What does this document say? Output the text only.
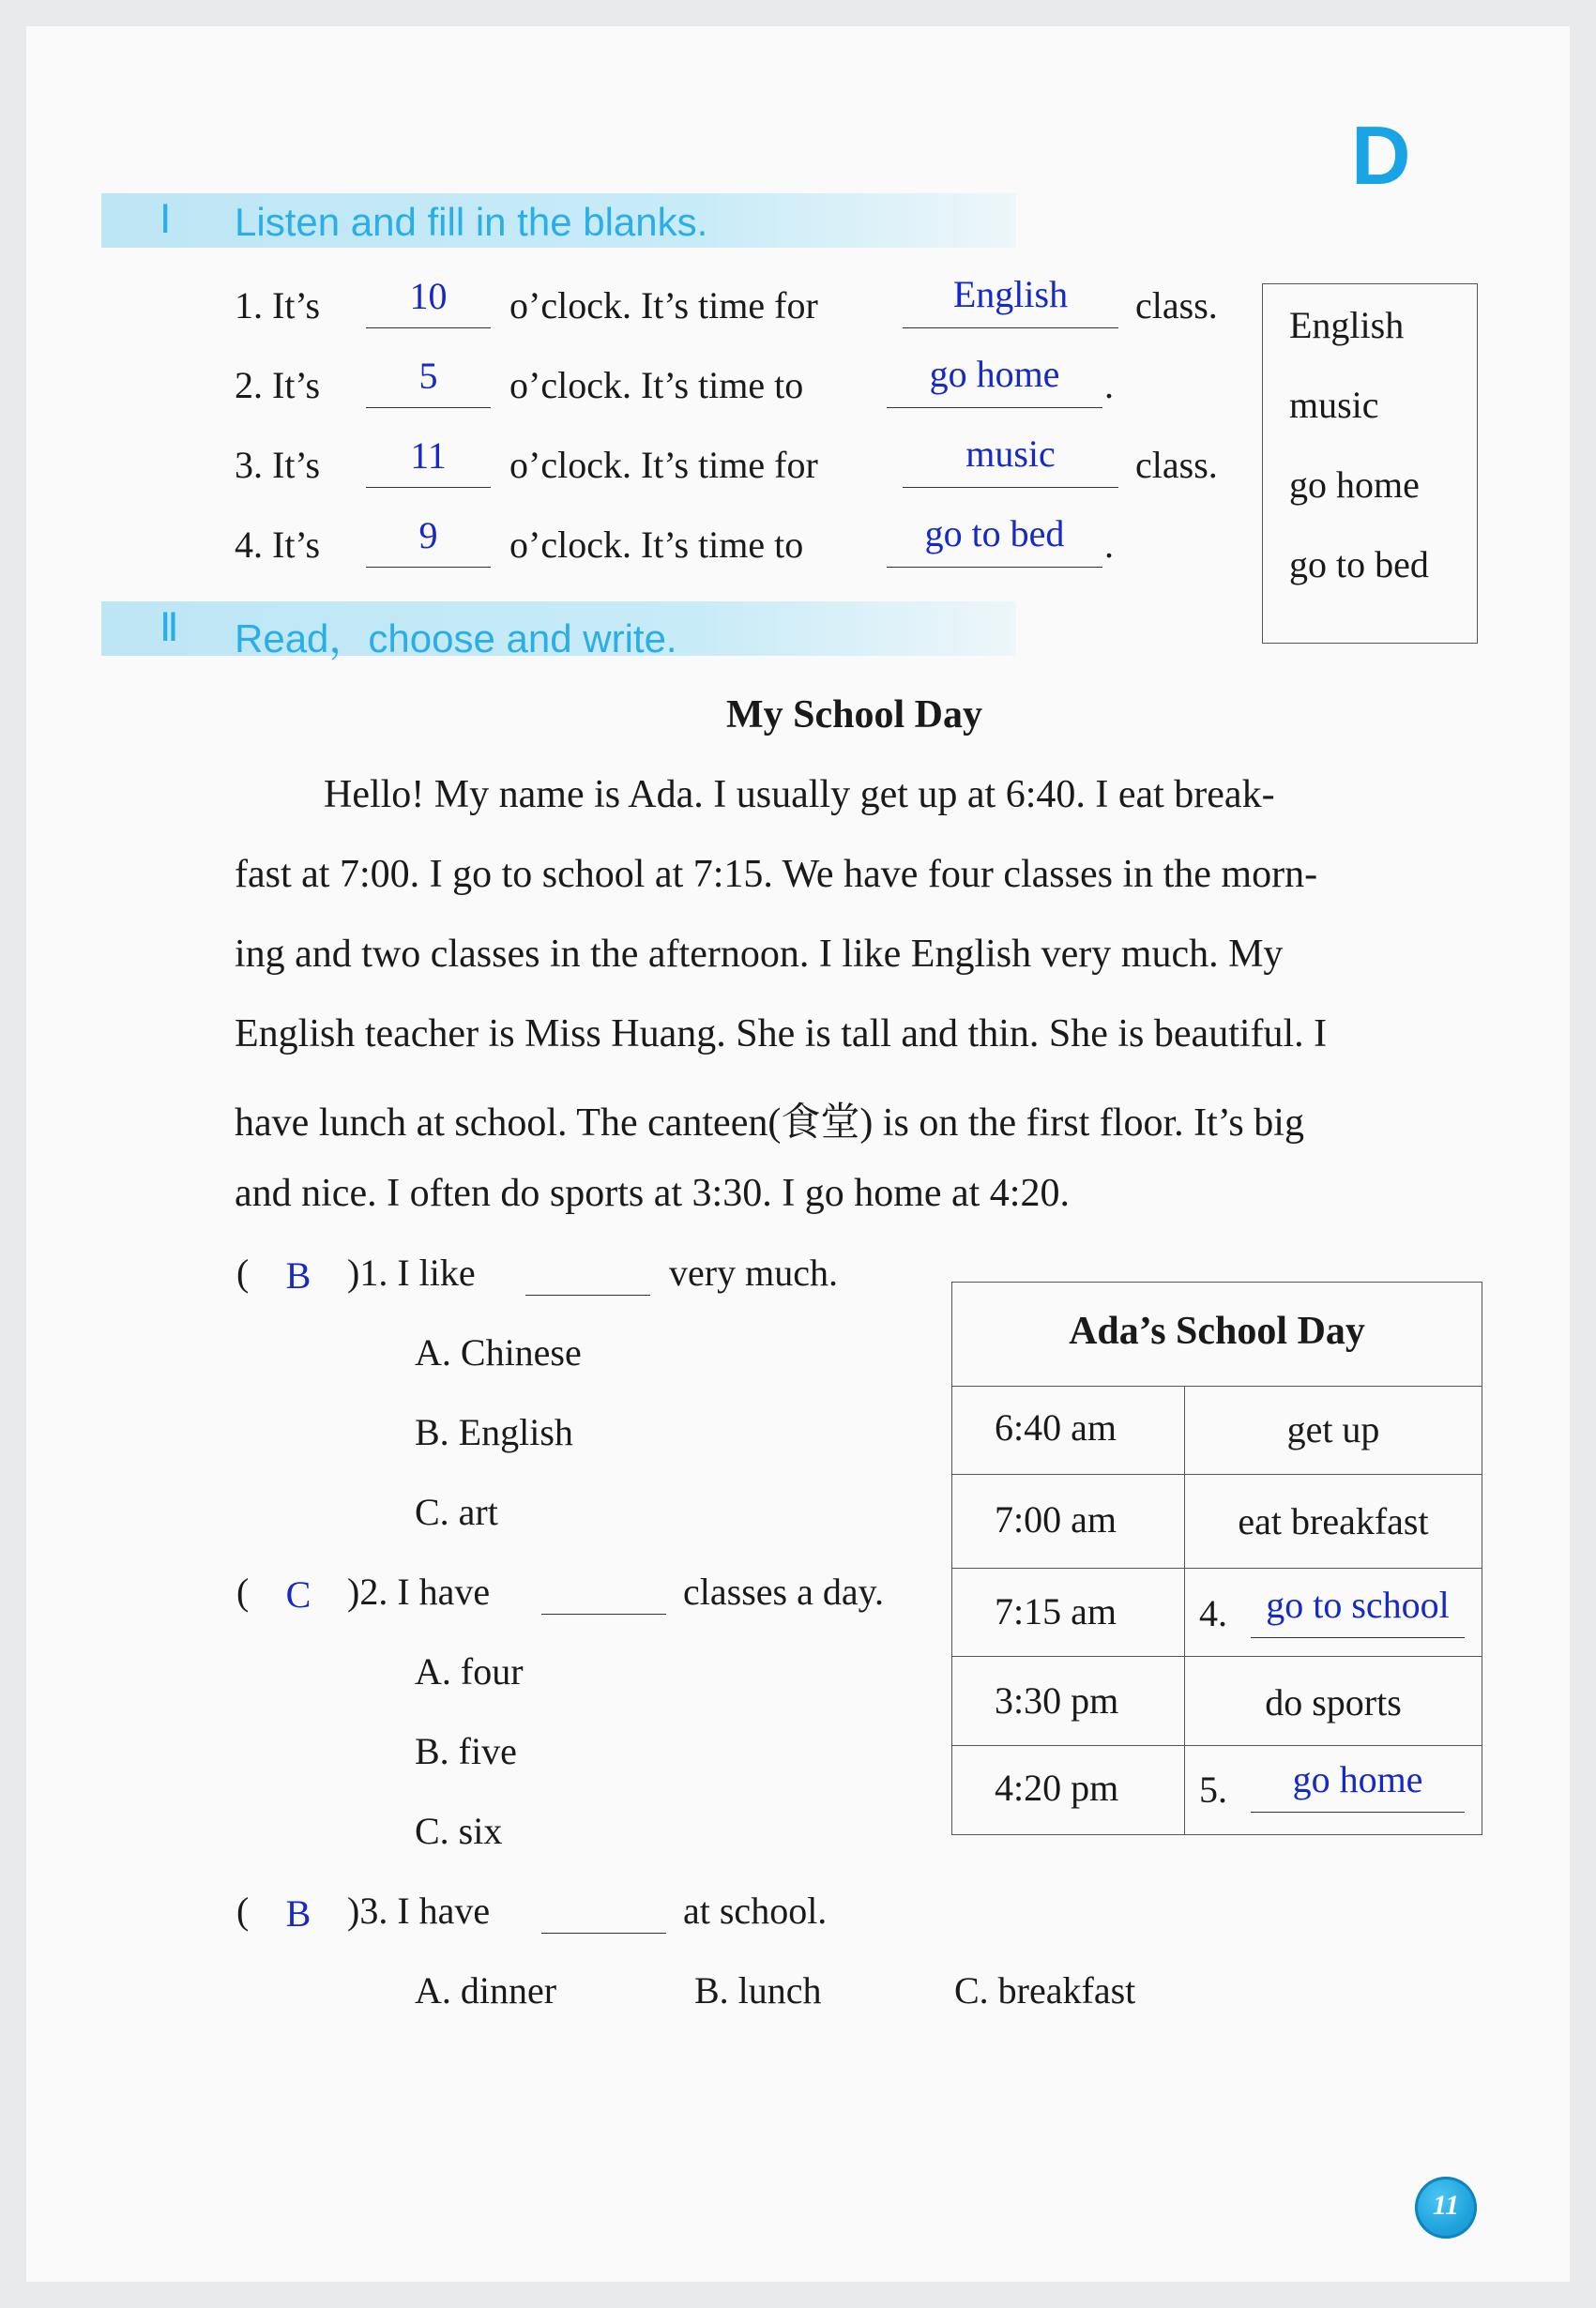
D
Ⅰ Listen and fill in the blanks.
1. It’s	10	o’clock. It’s time for	English	class.
2. It’s	5	o’clock. It’s time to	go home	.
3. It’s	11	o’clock. It’s time for	music	class.
4. It’s	9	o’clock. It’s time to	go to bed	.
English
music
go home
go to bed
Ⅱ Read，choose and write.
My School Day
Hello! My name is Ada. I usually get up at 6:40. I eat break-
fast at 7:00. I go to school at 7:15. We have four classes in the morn-
ing and two classes in the afternoon. I like English very much. My
English teacher is Miss Huang. She is tall and thin. She is beautiful. I
have lunch at school. The canteen(食堂) is on the first floor. It’s big
and nice. I often do sports at 3:30. I go home at 4:20.
( B )1. I like	very much.
A. Chinese
B. English
C. art
( C )2. I have	classes a day.
A. four
B. five
C. six
( B )3. I have	at school.
A. dinner	B. lunch	C. breakfast
Ada’s School Day
6:40 am	get up
7:00 am	eat breakfast
7:15 am 4.	go to school
3:30 pm	do sports
4:20 pm 5.	go home
11
